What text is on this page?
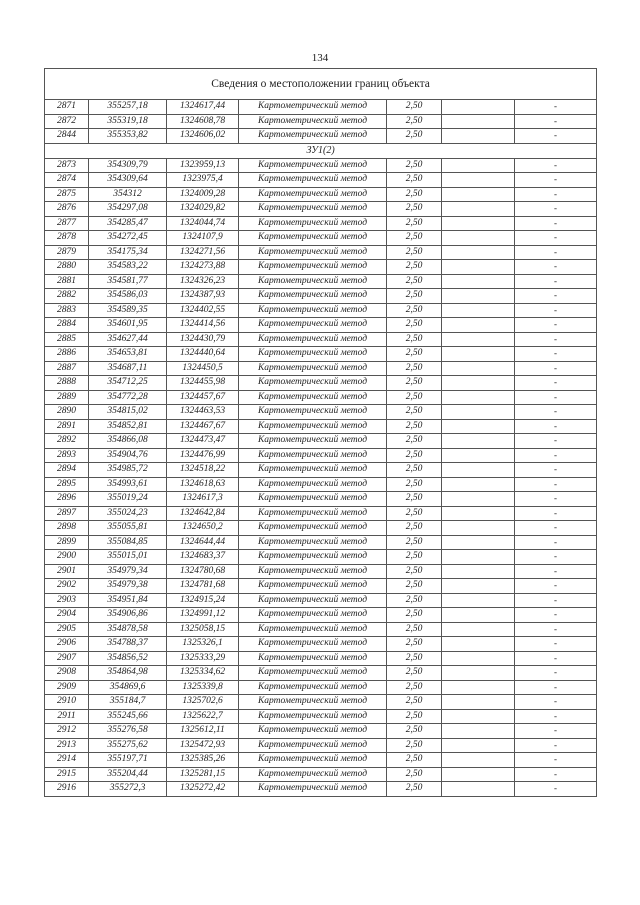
134
Сведения о местоположении границ объекта						
2871	355257,18	1324617,44	Картометрический метод	2,50		-
2872	355319,18	1324608,78	Картометрический метод	2,50		-
2844	355353,82	1324606,02	Картометрический метод	2,50		-
ЗУ1(2)						
2873	354309,79	1323959,13	Картометрический метод	2,50		-
2874	354309,64	1323975,4	Картометрический метод	2,50		-
2875	354312	1324009,28	Картометрический метод	2,50		-
2876	354297,08	1324029,82	Картометрический метод	2,50		-
2877	354285,47	1324044,74	Картометрический метод	2,50		-
2878	354272,45	1324107,9	Картометрический метод	2,50		-
2879	354175,34	1324271,56	Картометрический метод	2,50		-
2880	354583,22	1324273,88	Картометрический метод	2,50		-
2881	354581,77	1324326,23	Картометрический метод	2,50		-
2882	354586,03	1324387,93	Картометрический метод	2,50		-
2883	354589,35	1324402,55	Картометрический метод	2,50		-
2884	354601,95	1324414,56	Картометрический метод	2,50		-
2885	354627,44	1324430,79	Картометрический метод	2,50		-
2886	354653,81	1324440,64	Картометрический метод	2,50		-
2887	354687,11	1324450,5	Картометрический метод	2,50		-
2888	354712,25	1324455,98	Картометрический метод	2,50		-
2889	354772,28	1324457,67	Картометрический метод	2,50		-
2890	354815,02	1324463,53	Картометрический метод	2,50		-
2891	354852,81	1324467,67	Картометрический метод	2,50		-
2892	354866,08	1324473,47	Картометрический метод	2,50		-
2893	354904,76	1324476,99	Картометрический метод	2,50		-
2894	354985,72	1324518,22	Картометрический метод	2,50		-
2895	354993,61	1324618,63	Картометрический метод	2,50		-
2896	355019,24	1324617,3	Картометрический метод	2,50		-
2897	355024,23	1324642,84	Картометрический метод	2,50		-
2898	355055,81	1324650,2	Картометрический метод	2,50		-
2899	355084,85	1324644,44	Картометрический метод	2,50		-
2900	355015,01	1324683,37	Картометрический метод	2,50		-
2901	354979,34	1324780,68	Картометрический метод	2,50		-
2902	354979,38	1324781,68	Картометрический метод	2,50		-
2903	354951,84	1324915,24	Картометрический метод	2,50		-
2904	354906,86	1324991,12	Картометрический метод	2,50		-
2905	354878,58	1325058,15	Картометрический метод	2,50		-
2906	354788,37	1325326,1	Картометрический метод	2,50		-
2907	354856,52	1325333,29	Картометрический метод	2,50		-
2908	354864,98	1325334,62	Картометрический метод	2,50		-
2909	354869,6	1325339,8	Картометрический метод	2,50		-
2910	355184,7	1325702,6	Картометрический метод	2,50		-
2911	355245,66	1325622,7	Картометрический метод	2,50		-
2912	355276,58	1325612,11	Картометрический метод	2,50		-
2913	355275,62	1325472,93	Картометрический метод	2,50		-
2914	355197,71	1325385,26	Картометрический метод	2,50		-
2915	355204,44	1325281,15	Картометрический метод	2,50		-
2916	355272,3	1325272,42	Картометрический метод	2,50		-
